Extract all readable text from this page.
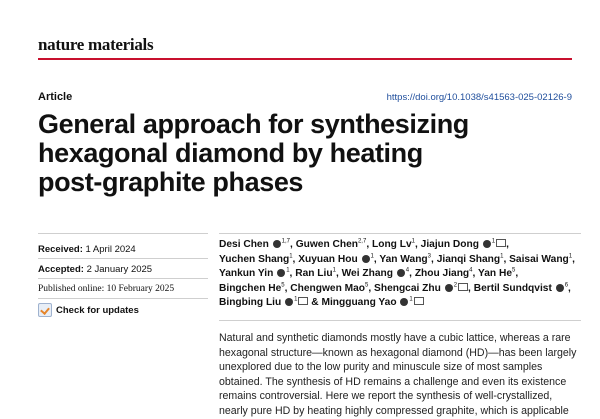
nature materials
Article	https://doi.org/10.1038/s41563-025-02126-9
General approach for synthesizing
hexagonal diamond by heating
post-graphite phases
Received: 1 April 2024
Accepted: 2 January 2025
Published online: 10 February 2025
Check for updates
Desi Chen $^{1,7}$, Guwen Chen$^{2,7}$, Long Lv$^1$, Jiajun Dong $^1$ , Yuchen Shang$^1$, Xuyuan Hou $^1$, Yan Wang$^3$, Jianqi Shang$^1$, Saisai Wang$^1$, Yankun Yin $^1$, Ran Liu$^1$, Wei Zhang $^4$, Zhou Jiang$^4$, Yan He$^5$, Bingchen He$^5$, Chengwen Mao$^5$, Shengcai Zhu $^2$ , Bertil Sundqvist $^6$, Bingbing Liu $^1$ & Mingguang Yao $^1$

Natural and synthetic diamonds mostly have a cubic lattice, whereas a rare
hexagonal structure—known as hexagonal diamond (HD)—has been largely
unexplored due to the low purity and minuscule size of most samples
obtained. The synthesis of HD remains a challenge and even its existence
remains controversial. Here we report the synthesis of well-crystallized,
nearly pure HD by heating highly compressed graphite, which is applicable
